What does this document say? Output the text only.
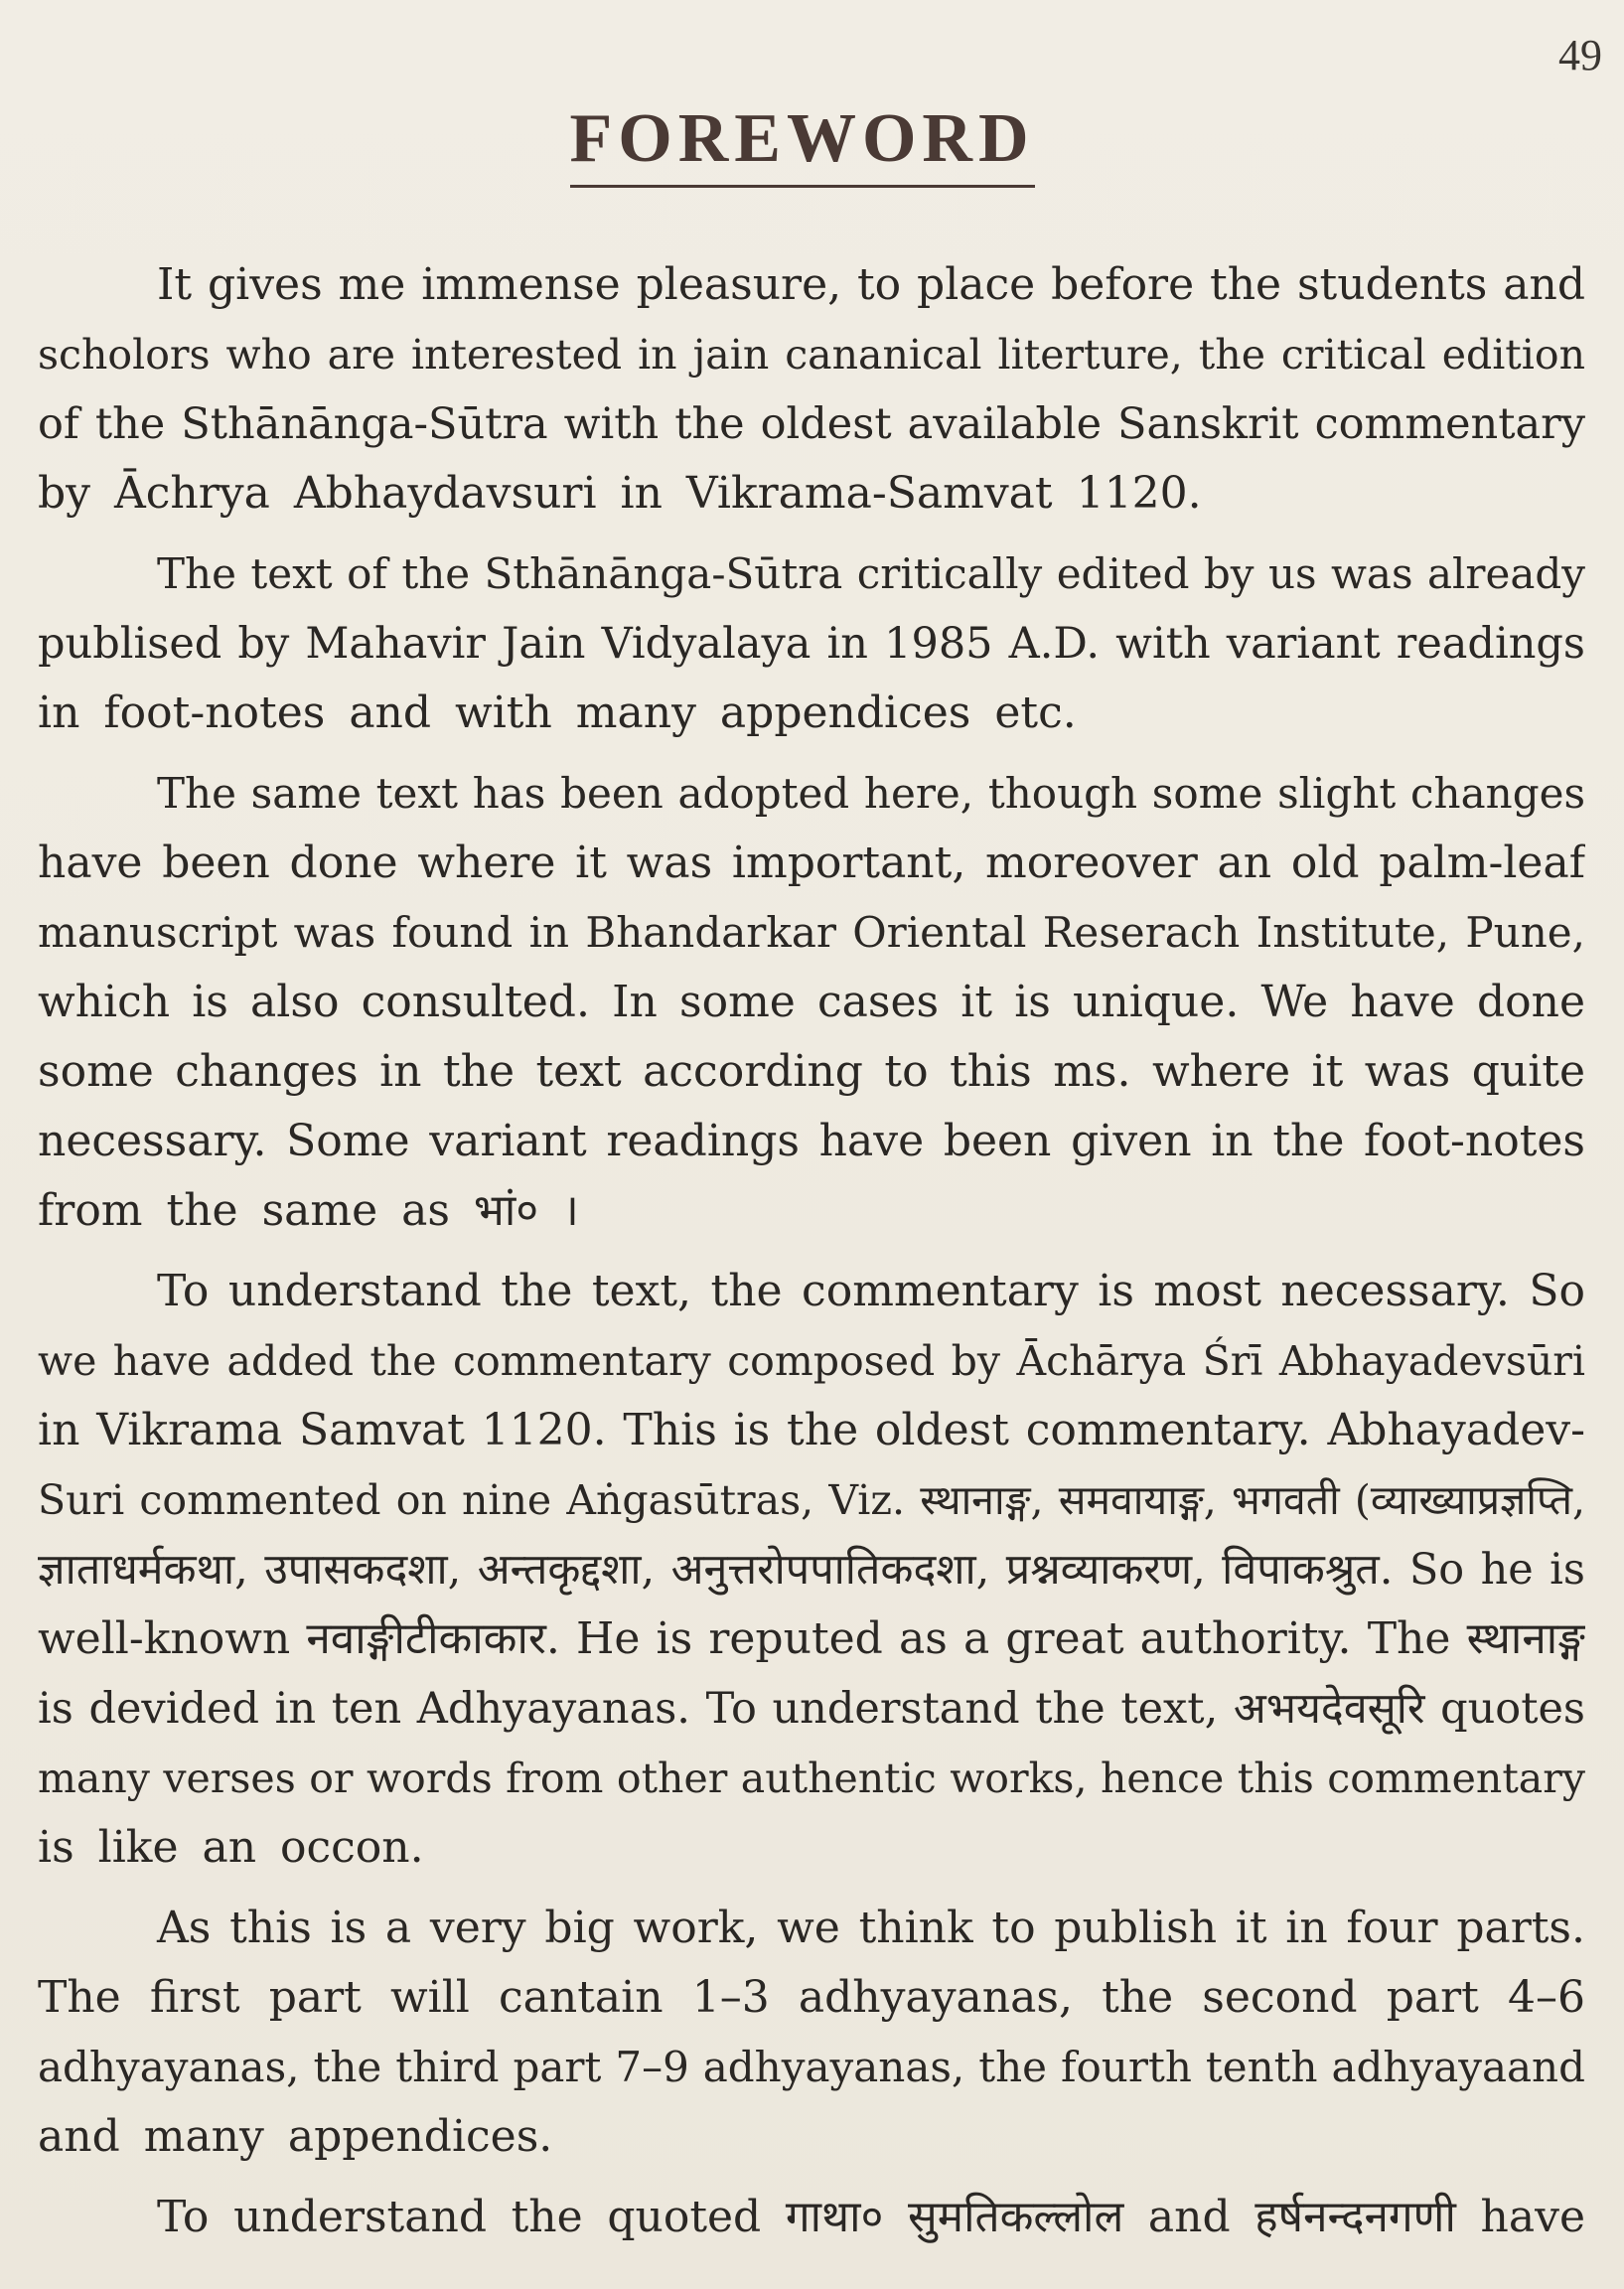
49
FOREWORD
It gives me immense pleasure, to place before the students and
scholors who are interested in jain cananical literture, the critical edition
of the Sthānānga-Sūtra with the oldest available Sanskrit commentary
by Āchrya Abhaydavsuri in Vikrama-Samvat 1120.
The text of the Sthānānga-Sūtra critically edited by us was already
publised by Mahavir Jain Vidyalaya in 1985 A.D. with variant readings
in foot-notes and with many appendices etc.
The same text has been adopted here, though some slight changes
have been done where it was important, moreover an old palm-leaf
manuscript was found in Bhandarkar Oriental Reserach Institute, Pune,
which is also consulted. In some cases it is unique. We have done
some changes in the text according to this ms. where it was quite
necessary. Some variant readings have been given in the foot-notes
from the same as भां० ।
To understand the text, the commentary is most necessary. So
we have added the commentary composed by Āchārya Śrī Abhayadevsūri
in Vikrama Samvat 1120. This is the oldest commentary. Abhayadev-
Suri commented on nine Aṅgasūtras, Viz. स्थानाङ्ग, समवायाङ्ग, भगवती (व्याख्याप्रज्ञप्ति,
ज्ञाताधर्मकथा, उपासकदशा, अन्तकृद्दशा, अनुत्तरोपपातिकदशा, प्रश्नव्याकरण, विपाकश्रुत. So he is
well-known नवाङ्गीटीकाकार. He is reputed as a great authority. The स्थानाङ्ग
is devided in ten Adhyayanas. To understand the text, अभयदेवसूरि quotes
many verses or words from other authentic works, hence this commentary
is like an occon.
As this is a very big work, we think to publish it in four parts.
The first part will cantain 1–3 adhyayanas, the second part 4–6
adhyayanas, the third part 7–9 adhyayanas, the fourth tenth adhyayaand
and many appendices.
To understand the quoted गाथा० सुमतिकल्लोल and हर्षनन्दनगणी have
